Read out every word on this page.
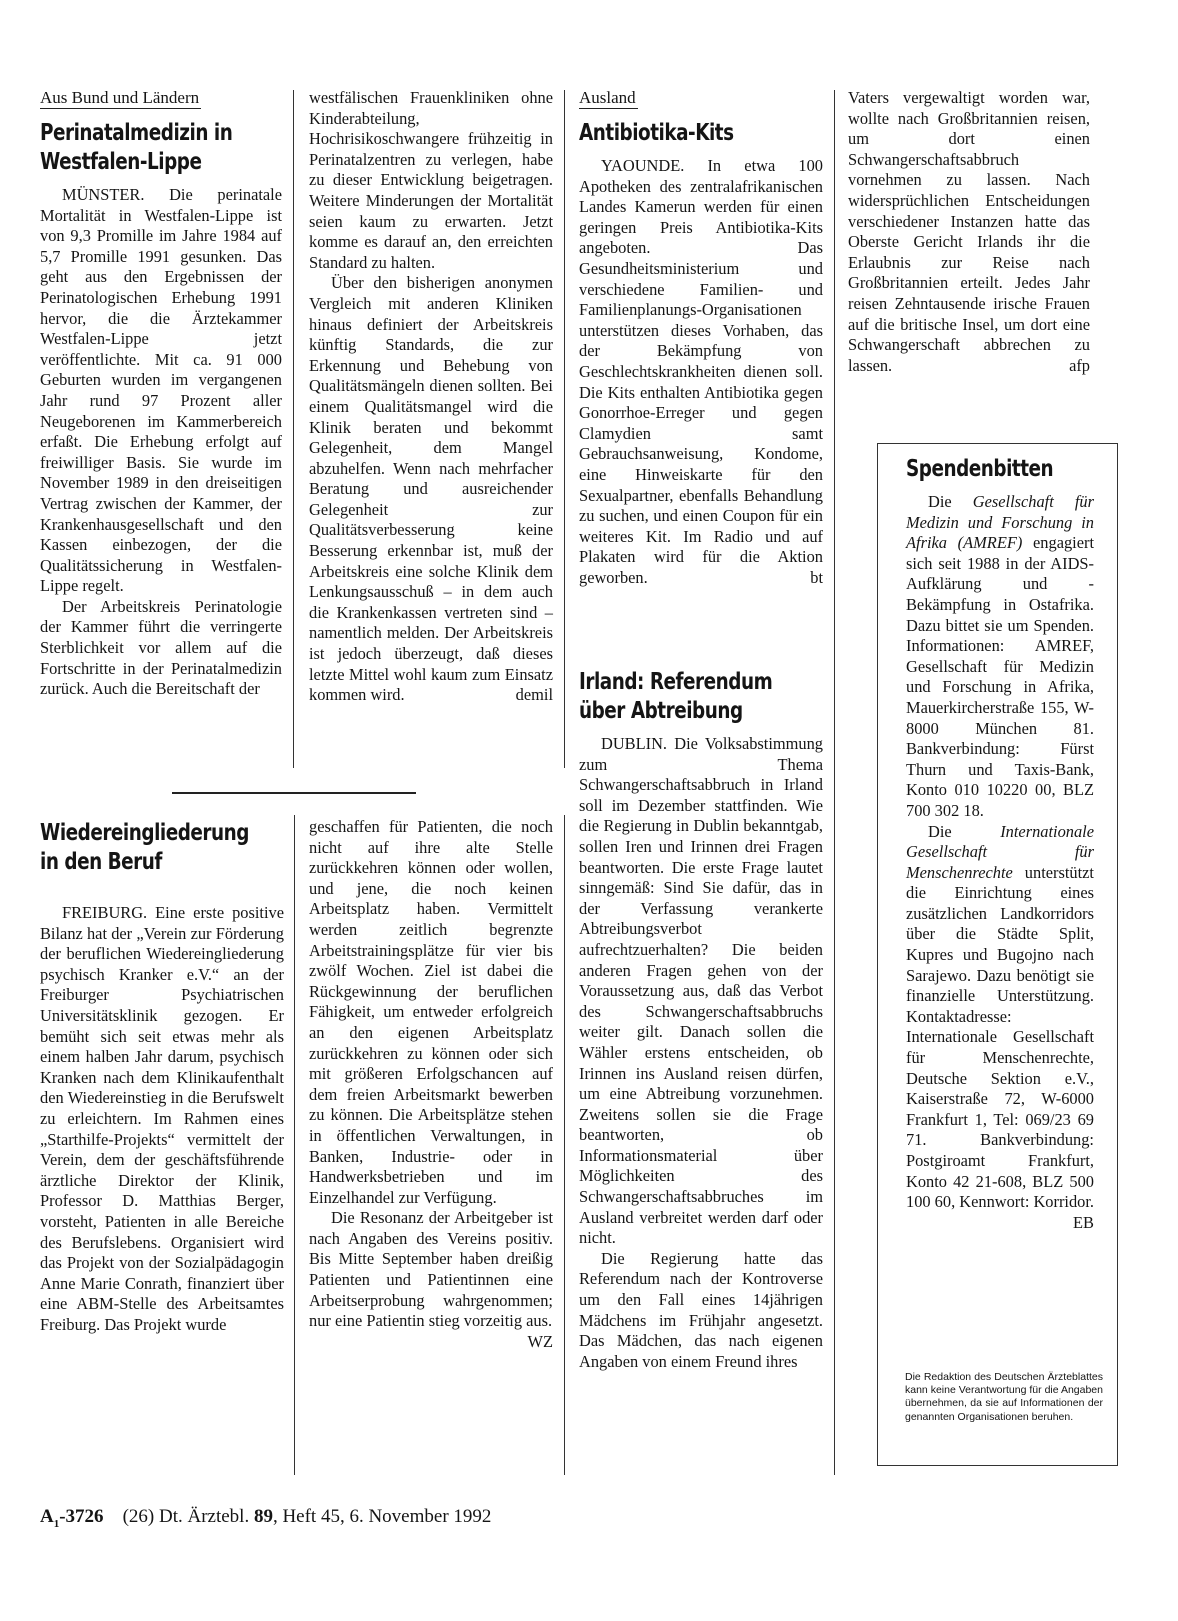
Aus Bund und Ländern
Perinatalmedizin in Westfalen-Lippe

MÜNSTER. Die perinatale Mortalität in Westfalen-Lippe ist von 9,3 Promille im Jahre 1984 auf 5,7 Promille 1991 gesunken. Das geht aus den Ergebnissen der Perinatologischen Erhebung 1991 hervor, die die Ärztekammer Westfalen-Lippe jetzt veröffentlichte. Mit ca. 91 000 Geburten wurden im vergangenen Jahr rund 97 Prozent aller Neugeborenen im Kammerbereich erfaßt. Die Erhebung erfolgt auf freiwilliger Basis. Sie wurde im November 1989 in den dreiseitigen Vertrag zwischen der Kammer, der Krankenhausgesellschaft und den Kassen einbezogen, der die Qualitätssicherung in Westfalen-Lippe regelt.

Der Arbeitskreis Perinatologie der Kammer führt die verringerte Sterblichkeit vor allem auf die Fortschritte in der Perinatalmedizin zurück. Auch die Bereitschaft der

westfälischen Frauenkliniken ohne Kinderabteilung, Hochrisikoschwangere frühzeitig in Perinatalzentren zu verlegen, habe zu dieser Entwicklung beigetragen. Weitere Minderungen der Mortalität seien kaum zu erwarten. Jetzt komme es darauf an, den erreichten Standard zu halten.

Über den bisherigen anonymen Vergleich mit anderen Kliniken hinaus definiert der Arbeitskreis künftig Standards, die zur Erkennung und Behebung von Qualitätsmängeln dienen sollten. Bei einem Qualitätsmangel wird die Klinik beraten und bekommt Gelegenheit, dem Mangel abzuhelfen. Wenn nach mehrfacher Beratung und ausreichender Gelegenheit zur Qualitätsverbesserung keine Besserung erkennbar ist, muß der Arbeitskreis eine solche Klinik dem Lenkungsausschuß – in dem auch die Krankenkassen vertreten sind – namentlich melden. Der Arbeitskreis ist jedoch überzeugt, daß dieses letzte Mittel wohl kaum zum Einsatz kommen wird.	demil

Wiedereingliederung in den Beruf

FREIBURG. Eine erste positive Bilanz hat der „Verein zur Förderung der beruflichen Wiedereingliederung psychisch Kranker e.V.“ an der Freiburger Psychiatrischen Universitätsklinik gezogen. Er bemüht sich seit etwas mehr als einem halben Jahr darum, psychisch Kranken nach dem Klinikaufenthalt den Wiedereinstieg in die Berufswelt zu erleichtern. Im Rahmen eines „Starthilfe-Projekts“ vermittelt der Verein, dem der geschäftsführende ärztliche Direktor der Klinik, Professor D. Matthias Berger, vorsteht, Patienten in alle Bereiche des Berufslebens. Organisiert wird das Projekt von der Sozialpädagogin Anne Marie Conrath, finanziert über eine ABM-Stelle des Arbeitsamtes Freiburg. Das Projekt wurde

geschaffen für Patienten, die noch nicht auf ihre alte Stelle zurückkehren können oder wollen, und jene, die noch keinen Arbeitsplatz haben. Vermittelt werden zeitlich begrenzte Arbeitstrainingsplätze für vier bis zwölf Wochen. Ziel ist dabei die Rückgewinnung der beruflichen Fähigkeit, um entweder erfolgreich an den eigenen Arbeitsplatz zurückkehren zu können oder sich mit größeren Erfolgschancen auf dem freien Arbeitsmarkt bewerben zu können. Die Arbeitsplätze stehen in öffentlichen Verwaltungen, in Banken, Industrie- oder in Handwerksbetrieben und im Einzelhandel zur Verfügung.

Die Resonanz der Arbeitgeber ist nach Angaben des Vereins positiv. Bis Mitte September haben dreißig Patienten und Patientinnen eine Arbeitserprobung wahrgenommen; nur eine Patientin stieg vorzeitig aus.
WZ

Ausland
Antibiotika-Kits

YAOUNDE. In etwa 100 Apotheken des zentralafrikanischen Landes Kamerun werden für einen geringen Preis Antibiotika-Kits angeboten. Das Gesundheitsministerium und verschiedene Familien- und Familienplanungs-Organisationen unterstützen dieses Vorhaben, das der Bekämpfung von Geschlechtskrankheiten dienen soll. Die Kits enthalten Antibiotika gegen Gonorrhoe-Erreger und gegen Clamydien samt Gebrauchsanweisung, Kondome, eine Hinweiskarte für den Sexualpartner, ebenfalls Behandlung zu suchen, und einen Coupon für ein weiteres Kit. Im Radio und auf Plakaten wird für die Aktion geworben.	bt

Irland: Referendum über Abtreibung

DUBLIN. Die Volksabstimmung zum Thema Schwangerschaftsabbruch in Irland soll im Dezember stattfinden. Wie die Regierung in Dublin bekanntgab, sollen Iren und Irinnen drei Fragen beantworten. Die erste Frage lautet sinngemäß: Sind Sie dafür, das in der Verfassung verankerte Abtreibungsverbot aufrechtzuerhalten? Die beiden anderen Fragen gehen von der Voraussetzung aus, daß das Verbot des Schwangerschaftsabbruchs weiter gilt. Danach sollen die Wähler erstens entscheiden, ob Irinnen ins Ausland reisen dürfen, um eine Abtreibung vorzunehmen. Zweitens sollen sie die Frage beantworten, ob Informationsmaterial über Möglichkeiten des Schwangerschaftsabbruches im Ausland verbreitet werden darf oder nicht.

Die Regierung hatte das Referendum nach der Kontroverse um den Fall eines 14jährigen Mädchens im Frühjahr angesetzt. Das Mädchen, das nach eigenen Angaben von einem Freund ihres

Vaters vergewaltigt worden war, wollte nach Großbritannien reisen, um dort einen Schwangerschaftsabbruch vornehmen zu lassen. Nach widersprüchlichen Entscheidungen verschiedener Instanzen hatte das Oberste Gericht Irlands ihr die Erlaubnis zur Reise nach Großbritannien erteilt. Jedes Jahr reisen Zehntausende irische Frauen auf die britische Insel, um dort eine Schwangerschaft abbrechen zu lassen.	afp

Spendenbitten

Die Gesellschaft für Medizin und Forschung in Afrika (AMREF) engagiert sich seit 1988 in der AIDS-Aufklärung und -Bekämpfung in Ostafrika. Dazu bittet sie um Spenden. Informationen: AMREF, Gesellschaft für Medizin und Forschung in Afrika, Mauerkircherstraße 155, W-8000 München 81. Bankverbindung: Fürst Thurn und Taxis-Bank, Konto 010 10220 00, BLZ 700 302 18.

Die Internationale Gesellschaft für Menschenrechte unterstützt die Einrichtung eines zusätzlichen Landkorridors über die Städte Split, Kupres und Bugojno nach Sarajewo. Dazu benötigt sie finanzielle Unterstützung. Kontaktadresse: Internationale Gesellschaft für Menschenrechte, Deutsche Sektion e.V., Kaiserstraße 72, W-6000 Frankfurt 1, Tel: 069/23 69 71. Bankverbindung: Postgiroamt Frankfurt, Konto 42 21-608, BLZ 500 100 60, Kennwort: Korridor.
EB

Die Redaktion des Deutschen Ärzteblattes kann keine Verantwortung für die Angaben übernehmen, da sie auf Informationen der genannten Organisationen beruhen.
$A_1-3726$ (26) Dt. Ärztebl. 89, Heft 45, 6. November 1992
